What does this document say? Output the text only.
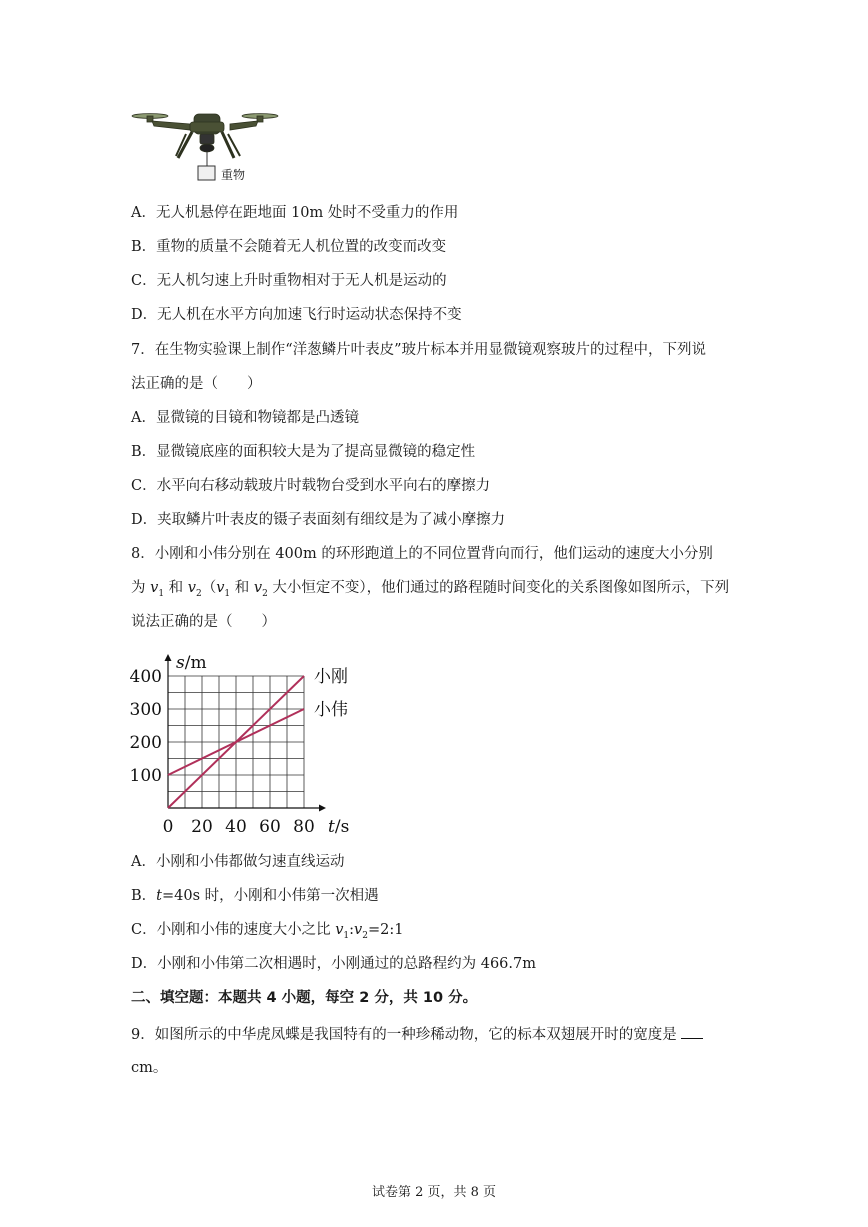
重物
A．无人机悬停在距地面 10m 处时不受重力的作用
B．重物的质量不会随着无人机位置的改变而改变
C．无人机匀速上升时重物相对于无人机是运动的
D．无人机在水平方向加速飞行时运动状态保持不变
7．在生物实验课上制作“洋葱鳞片叶表皮”玻片标本并用显微镜观察玻片的过程中，下列说
法正确的是（　　）
A．显微镜的目镜和物镜都是凸透镜
B．显微镜底座的面积较大是为了提高显微镜的稳定性
C．水平向右移动载玻片时载物台受到水平向右的摩擦力
D．夹取鳞片叶表皮的镊子表面刻有细纹是为了减小摩擦力
8．小刚和小伟分别在 400m 的环形跑道上的不同位置背向而行，他们运动的速度大小分别
为 $v_1$ 和 $v_2(v_1$ 和 $v_2$ 大小恒定不变），他们通过的路程随时间变化的关系图像如图所示，下列
说法正确的是（　　）
100
200
300
400
0 20 40 60 80
s/m
t/s
小刚
小伟
A．小刚和小伟都做匀速直线运动
B．t=40s 时，小刚和小伟第一次相遇
C．小刚和小伟的速度大小之比 $v_1:v_2=2:1$
D．小刚和小伟第二次相遇时，小刚通过的总路程约为 466.7m
二、填空题：本题共 4 小题，每空 2 分，共 10 分。
9．如图所示的中华虎凤蝶是我国特有的一种珍稀动物，它的标本双翅展开时的宽度是
cm。
试卷第 2 页，共 8 页
